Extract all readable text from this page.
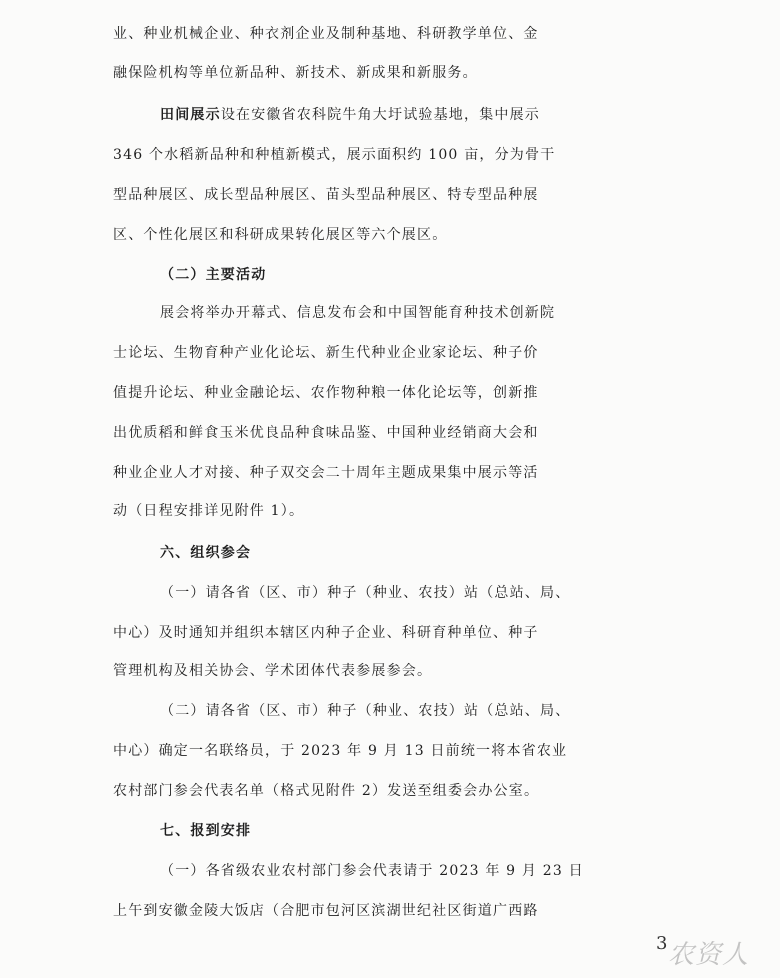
业、种业机械企业、种衣剂企业及制种基地、科研教学单位、金
融保险机构等单位新品种、新技术、新成果和新服务。
田间展示设在安徽省农科院牛角大圩试验基地，集中展示
346 个水稻新品种和种植新模式，展示面积约 100 亩，分为骨干
型品种展区、成长型品种展区、苗头型品种展区、特专型品种展
区、个性化展区和科研成果转化展区等六个展区。
（二）主要活动
展会将举办开幕式、信息发布会和中国智能育种技术创新院
士论坛、生物育种产业化论坛、新生代种业企业家论坛、种子价
值提升论坛、种业金融论坛、农作物种粮一体化论坛等，创新推
出优质稻和鲜食玉米优良品种食味品鉴、中国种业经销商大会和
种业企业人才对接、种子双交会二十周年主题成果集中展示等活
动（日程安排详见附件 1）。
六、组织参会
（一）请各省（区、市）种子（种业、农技）站（总站、局、
中心）及时通知并组织本辖区内种子企业、科研育种单位、种子
管理机构及相关协会、学术团体代表参展参会。
（二）请各省（区、市）种子（种业、农技）站（总站、局、
中心）确定一名联络员，于 2023 年 9 月 13 日前统一将本省农业
农村部门参会代表名单（格式见附件 2）发送至组委会办公室。
七、报到安排
（一）各省级农业农村部门参会代表请于 2023 年 9 月 23 日
上午到安徽金陵大饭店（合肥市包河区滨湖世纪社区街道广西路
3 农资人
